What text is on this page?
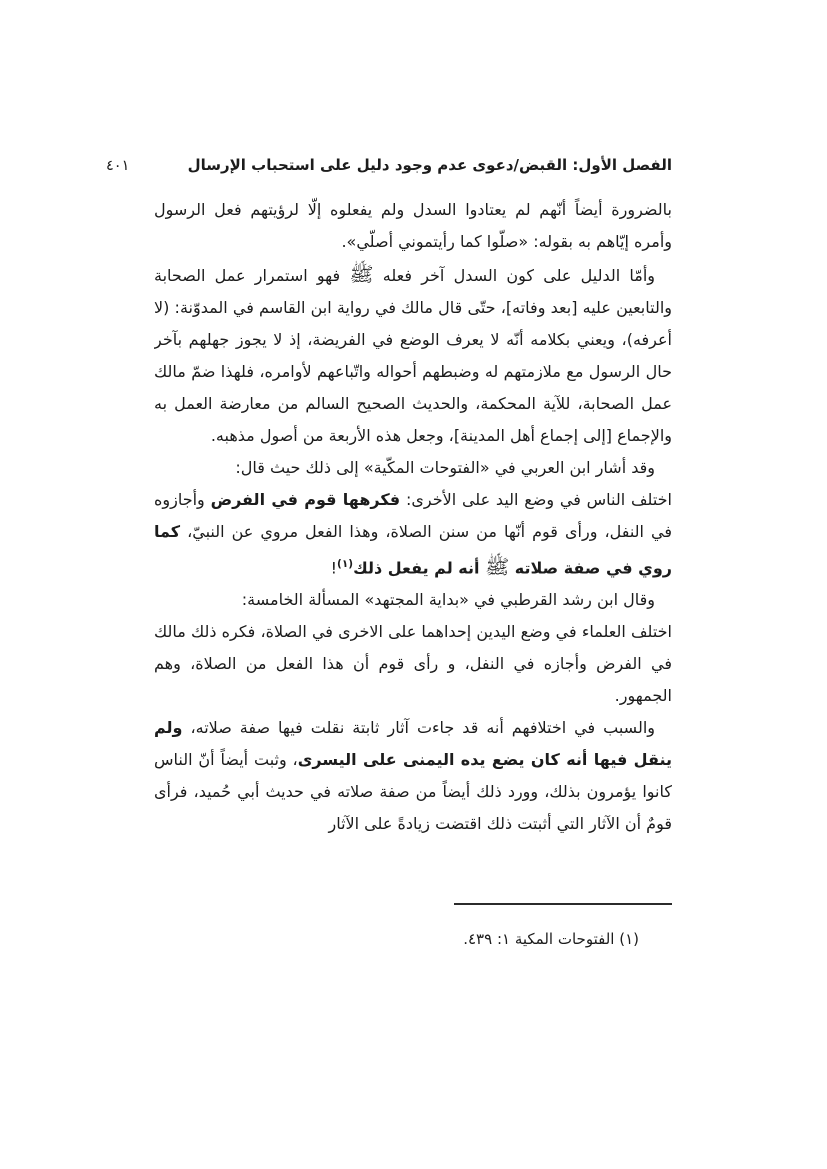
٤٠١	الفصل الأول: القبض/دعوى عدم وجود دليل على استحباب الإرسال

بالضرورة أيضاً أنّهم لم يعتادوا السدل ولم يفعلوه إلّا لرؤيتهم فعل الرسول وأمره إيّاهم به بقوله: «صلّوا كما رأيتموني أصلّي».

وأمّا الدليل على كون السدل آخر فعله ﷺ فهو استمرار عمل الصحابة والتابعين عليه [بعد وفاته]، حتّى قال مالك في رواية ابن القاسم في المدوّنة: (لا أعرفه)، ويعني بكلامه أنّه لا يعرف الوضع في الفريضة، إذ لا يجوز جهلهم بآخر حال الرسول مع ملازمتهم له وضبطهم أحواله واتّباعهم لأوامره، فلهذا ضمّ مالك عمل الصحابة، للآية المحكمة، والحديث الصحيح السالم من معارضة العمل به والإجماع [إلى إجماع أهل المدينة]، وجعل هذه الأربعة من أصول مذهبه.

وقد أشار ابن العربي في «الفتوحات المكّية» إلى ذلك حيث قال:

اختلف الناس في وضع اليد على الأخرى: فكرهها قوم في الفرض وأجازوه في النفل، ورأى قوم أنّها من سنن الصلاة، وهذا الفعل مروي عن النبيّ، كما روي في صفة صلاته ﷺ أنه لم يفعل ذلك$^{(١)}$!

وقال ابن رشد القرطبي في «بداية المجتهد» المسألة الخامسة:

اختلف العلماء في وضع اليدين إحداهما على الاخرى في الصلاة، فكره ذلك مالك في الفرض وأجازه في النفل، و رأى قوم أن هذا الفعل من الصلاة، وهم الجمهور.

والسبب في اختلافهم أنه قد جاءت آثار ثابتة نقلت فيها صفة صلاته، ولم ينقل فيها أنه كان يضع يده اليمنى على اليسرى، وثبت أيضاً أنّ الناس كانوا يؤمرون بذلك، وورد ذلك أيضاً من صفة صلاته في حديث أبي حُميد، فرأى قومٌ أن الآثار التي أثبتت ذلك اقتضت زيادةً على الآثار

(١) الفتوحات المكية ١: ٤٣٩.
